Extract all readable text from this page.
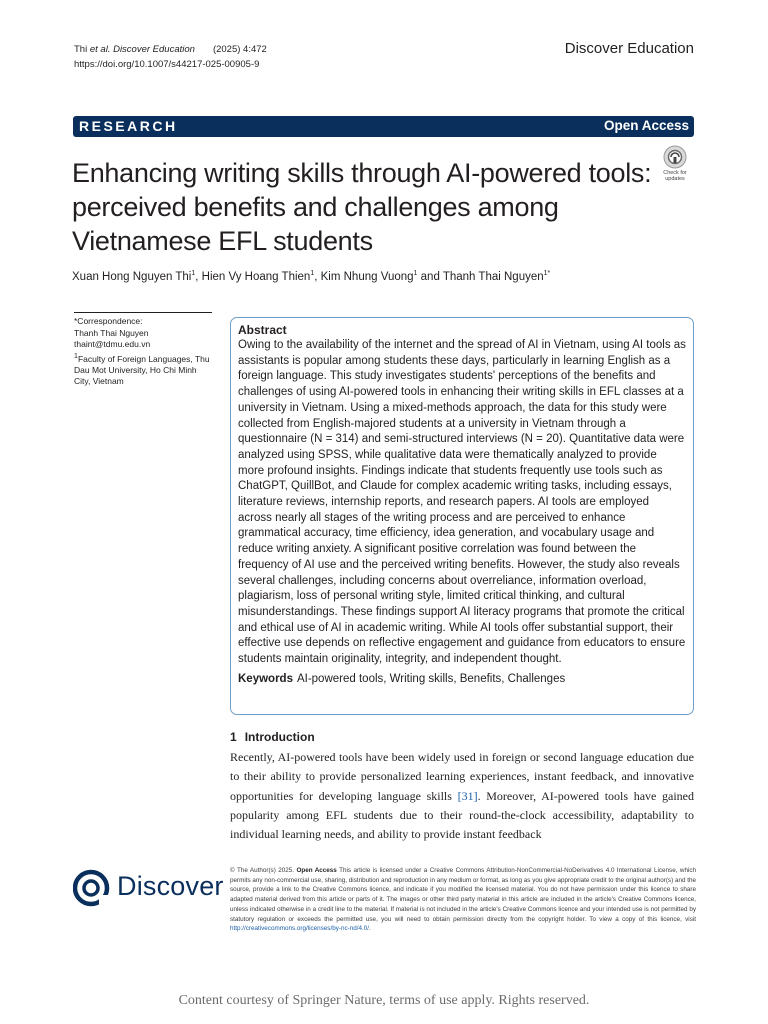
Thi et al. Discover Education (2025) 4:472
https://doi.org/10.1007/s44217-025-00905-9
Discover Education
RESEARCH	Open Access
Enhancing writing skills through AI-powered tools: perceived benefits and challenges among Vietnamese EFL students
Check for
updates
Xuan Hong Nguyen Thi$^1$, Hien Vy Hoang Thien$^1$, Kim Nhung Vuong$^1$ and Thanh Thai Nguyen$^{1*}$
*Correspondence:
Thanh Thai Nguyen
thaint@tdmu.edu.vn
$^1$Faculty of Foreign Languages, Thu Dau Mot University, Ho Chi Minh City, Vietnam
Abstract

Owing to the availability of the internet and the spread of AI in Vietnam, using AI tools as assistants is popular among students these days, particularly in learning English as a foreign language. This study investigates students' perceptions of the benefits and challenges of using AI-powered tools in enhancing their writing skills in EFL classes at a university in Vietnam. Using a mixed-methods approach, the data for this study were collected from English-majored students at a university in Vietnam through a questionnaire (N = 314) and semi-structured interviews (N = 20). Quantitative data were analyzed using SPSS, while qualitative data were thematically analyzed to provide more profound insights. Findings indicate that students frequently use tools such as ChatGPT, QuillBot, and Claude for complex academic writing tasks, including essays, literature reviews, internship reports, and research papers. AI tools are employed across nearly all stages of the writing process and are perceived to enhance grammatical accuracy, time efficiency, idea generation, and vocabulary usage and reduce writing anxiety. A significant positive correlation was found between the frequency of AI use and the perceived writing benefits. However, the study also reveals several challenges, including concerns about overreliance, information overload, plagiarism, loss of personal writing style, limited critical thinking, and cultural misunderstandings. These findings support AI literacy programs that promote the critical and ethical use of AI in academic writing. While AI tools offer substantial support, their effective use depends on reflective engagement and guidance from educators to ensure students maintain originality, integrity, and independent thought.

Keywords AI-powered tools, Writing skills, Benefits, Challenges
1 Introduction
Recently, AI-powered tools have been widely used in foreign or second language education due to their ability to provide personalized learning experiences, instant feedback, and innovative opportunities for developing language skills [31]. Moreover, AI-powered tools have gained popularity among EFL students due to their round-the-clock accessibility, adaptability to individual learning needs, and ability to provide instant feedback
Discover
© The Author(s) 2025. Open Access This article is licensed under a Creative Commons Attribution-NonCommercial-NoDerivatives 4.0 International License, which permits any non-commercial use, sharing, distribution and reproduction in any medium or format, as long as you give appropriate credit to the original author(s) and the source, provide a link to the Creative Commons licence, and indicate if you modified the licensed material. You do not have permission under this licence to share adapted material derived from this article or parts of it. The images or other third party material in this article are included in the article's Creative Commons licence, unless indicated otherwise in a credit line to the material. If material is not included in the article's Creative Commons licence and your intended use is not permitted by statutory regulation or exceeds the permitted use, you will need to obtain permission directly from the copyright holder. To view a copy of this licence, visit http://creativecommons.org/licenses/by-nc-nd/4.0/.
Content courtesy of Springer Nature, terms of use apply. Rights reserved.
